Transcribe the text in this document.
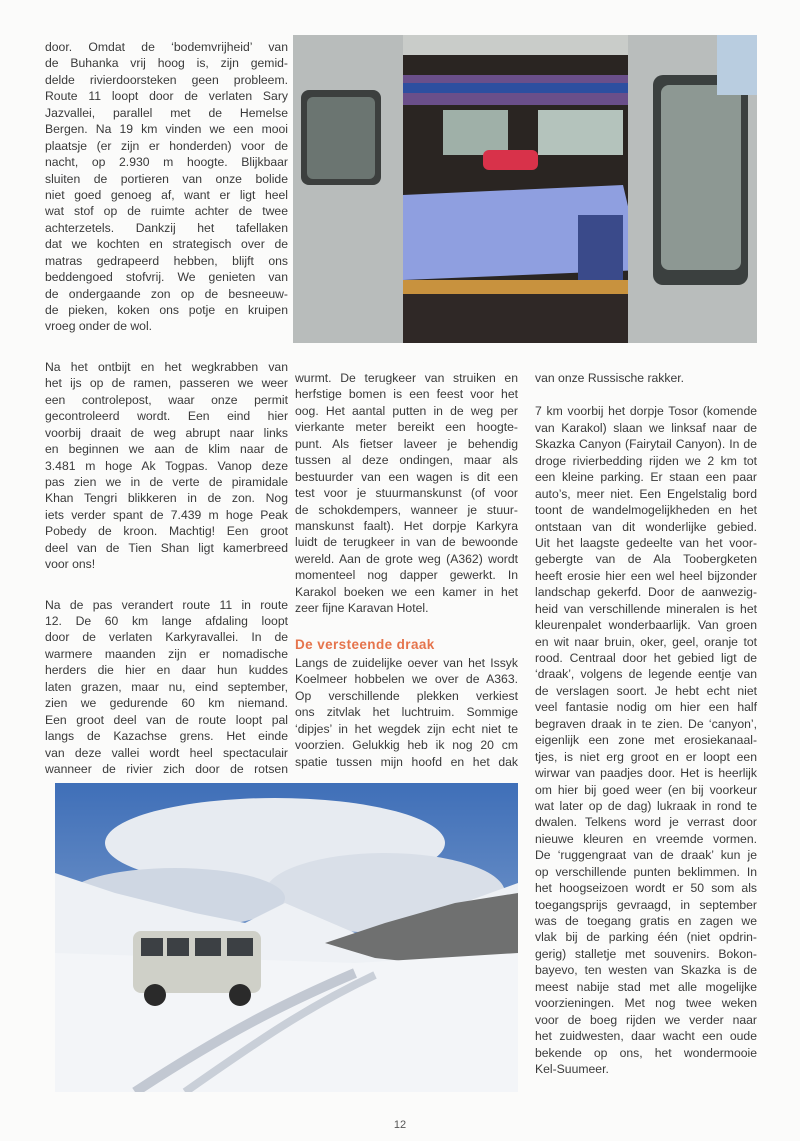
door. Omdat de ‘bodemvrijheid’ van
de Buhanka vrij hoog is, zijn gemid-
delde rivierdoorsteken geen probleem.
Route 11 loopt door de verlaten Sary
Jazvallei, parallel met de Hemelse
Bergen. Na 19 km vinden we een mooi
plaatsje (er zijn er honderden) voor de
nacht, op 2.930 m hoogte. Blijkbaar
sluiten de portieren van onze bolide
niet goed genoeg af, want er ligt heel
wat stof op de ruimte achter de twee
achterzetels. Dankzij het tafellaken
dat we kochten en strategisch over de
matras gedrapeerd hebben, blijft ons
beddengoed stofvrij. We genieten van
de ondergaande zon op de besneeuw-
de pieken, koken ons potje en kruipen
vroeg onder de wol.
Na het ontbijt en het wegkrabben van
het ijs op de ramen, passeren we weer
een controlepost, waar onze permit
gecontroleerd wordt. Een eind hier
voorbij draait de weg abrupt naar links
en beginnen we aan de klim naar de
3.481 m hoge Ak Togpas. Vanop deze
pas zien we in de verte de piramidale
Khan Tengri blikkeren in de zon. Nog
iets verder spant de 7.439 m hoge Peak
Pobedy de kroon. Machtig! Een groot
deel van de Tien Shan ligt kamerbreed
voor ons!
Na de pas verandert route 11 in route
12. De 60 km lange afdaling loopt
door de verlaten Karkyravallei. In de
warmere maanden zijn er nomadische
herders die hier en daar hun kuddes
laten grazen, maar nu, eind september,
zien we gedurende 60 km niemand.
Een groot deel van de route loopt pal
langs de Kazachse grens. Het einde
van deze vallei wordt heel spectaculair
wanneer de rivier zich door de rotsen
wurmt. De terugkeer van struiken en
herfstige bomen is een feest voor het
oog. Het aantal putten in de weg per
vierkante meter bereikt een hoogte-
punt. Als fietser laveer je behendig
tussen al deze ondingen, maar als
bestuurder van een wagen is dit een
test voor je stuurmanskunst (of voor
de schokdempers, wanneer je stuur-
manskunst faalt). Het dorpje Karkyra
luidt de terugkeer in van de bewoonde
wereld. Aan de grote weg (A362) wordt
momenteel nog dapper gewerkt. In
Karakol boeken we een kamer in het
zeer fijne Karavan Hotel.
De versteende draak
Langs de zuidelijke oever van het Issyk
Koelmeer hobbelen we over de A363.
Op verschillende plekken verkiest
ons zitvlak het luchtruim. Sommige
‘dipjes’ in het wegdek zijn echt niet te
voorzien. Gelukkig heb ik nog 20 cm
spatie tussen mijn hoofd en het dak
van onze Russische rakker.
7 km voorbij het dorpje Tosor (komende
van Karakol) slaan we linksaf naar de
Skazka Canyon (Fairytail Canyon). In de
droge rivierbedding rijden we 2 km tot
een kleine parking. Er staan een paar
auto’s, meer niet. Een Engelstalig bord
toont de wandelmogelijkheden en het
ontstaan van dit wonderlijke gebied.
Uit het laagste gedeelte van het voor-
gebergte van de Ala Toobergketen
heeft erosie hier een wel heel bijzonder
landschap gekerfd. Door de aanwezig-
heid van verschillende mineralen is het
kleurenpalet wonderbaarlijk. Van groen
en wit naar bruin, oker, geel, oranje tot
rood. Centraal door het gebied ligt de
‘draak’, volgens de legende eentje van
de verslagen soort. Je hebt echt niet
veel fantasie nodig om hier een half
begraven draak in te zien. De ‘canyon’,
eigenlijk een zone met erosiekanaal-
tjes, is niet erg groot en er loopt een
wirwar van paadjes door. Het is heerlijk
om hier bij goed weer (en bij voorkeur
wat later op de dag) lukraak in rond te
dwalen. Telkens word je verrast door
nieuwe kleuren en vreemde vormen.
De ‘ruggengraat van de draak’ kun je
op verschillende punten beklimmen. In
het hoogseizoen wordt er 50 som als
toegangsprijs gevraagd, in september
was de toegang gratis en zagen we
vlak bij de parking één (niet opdrin-
gerig) stalletje met souvenirs. Bokon-
bayevo, ten westen van Skazka is de
meest nabije stad met alle mogelijke
voorzieningen. Met nog twee weken
voor de boeg rijden we verder naar
het zuidwesten, daar wacht een oude
bekende op ons, het wondermooie
Kel-Suumeer.
12
